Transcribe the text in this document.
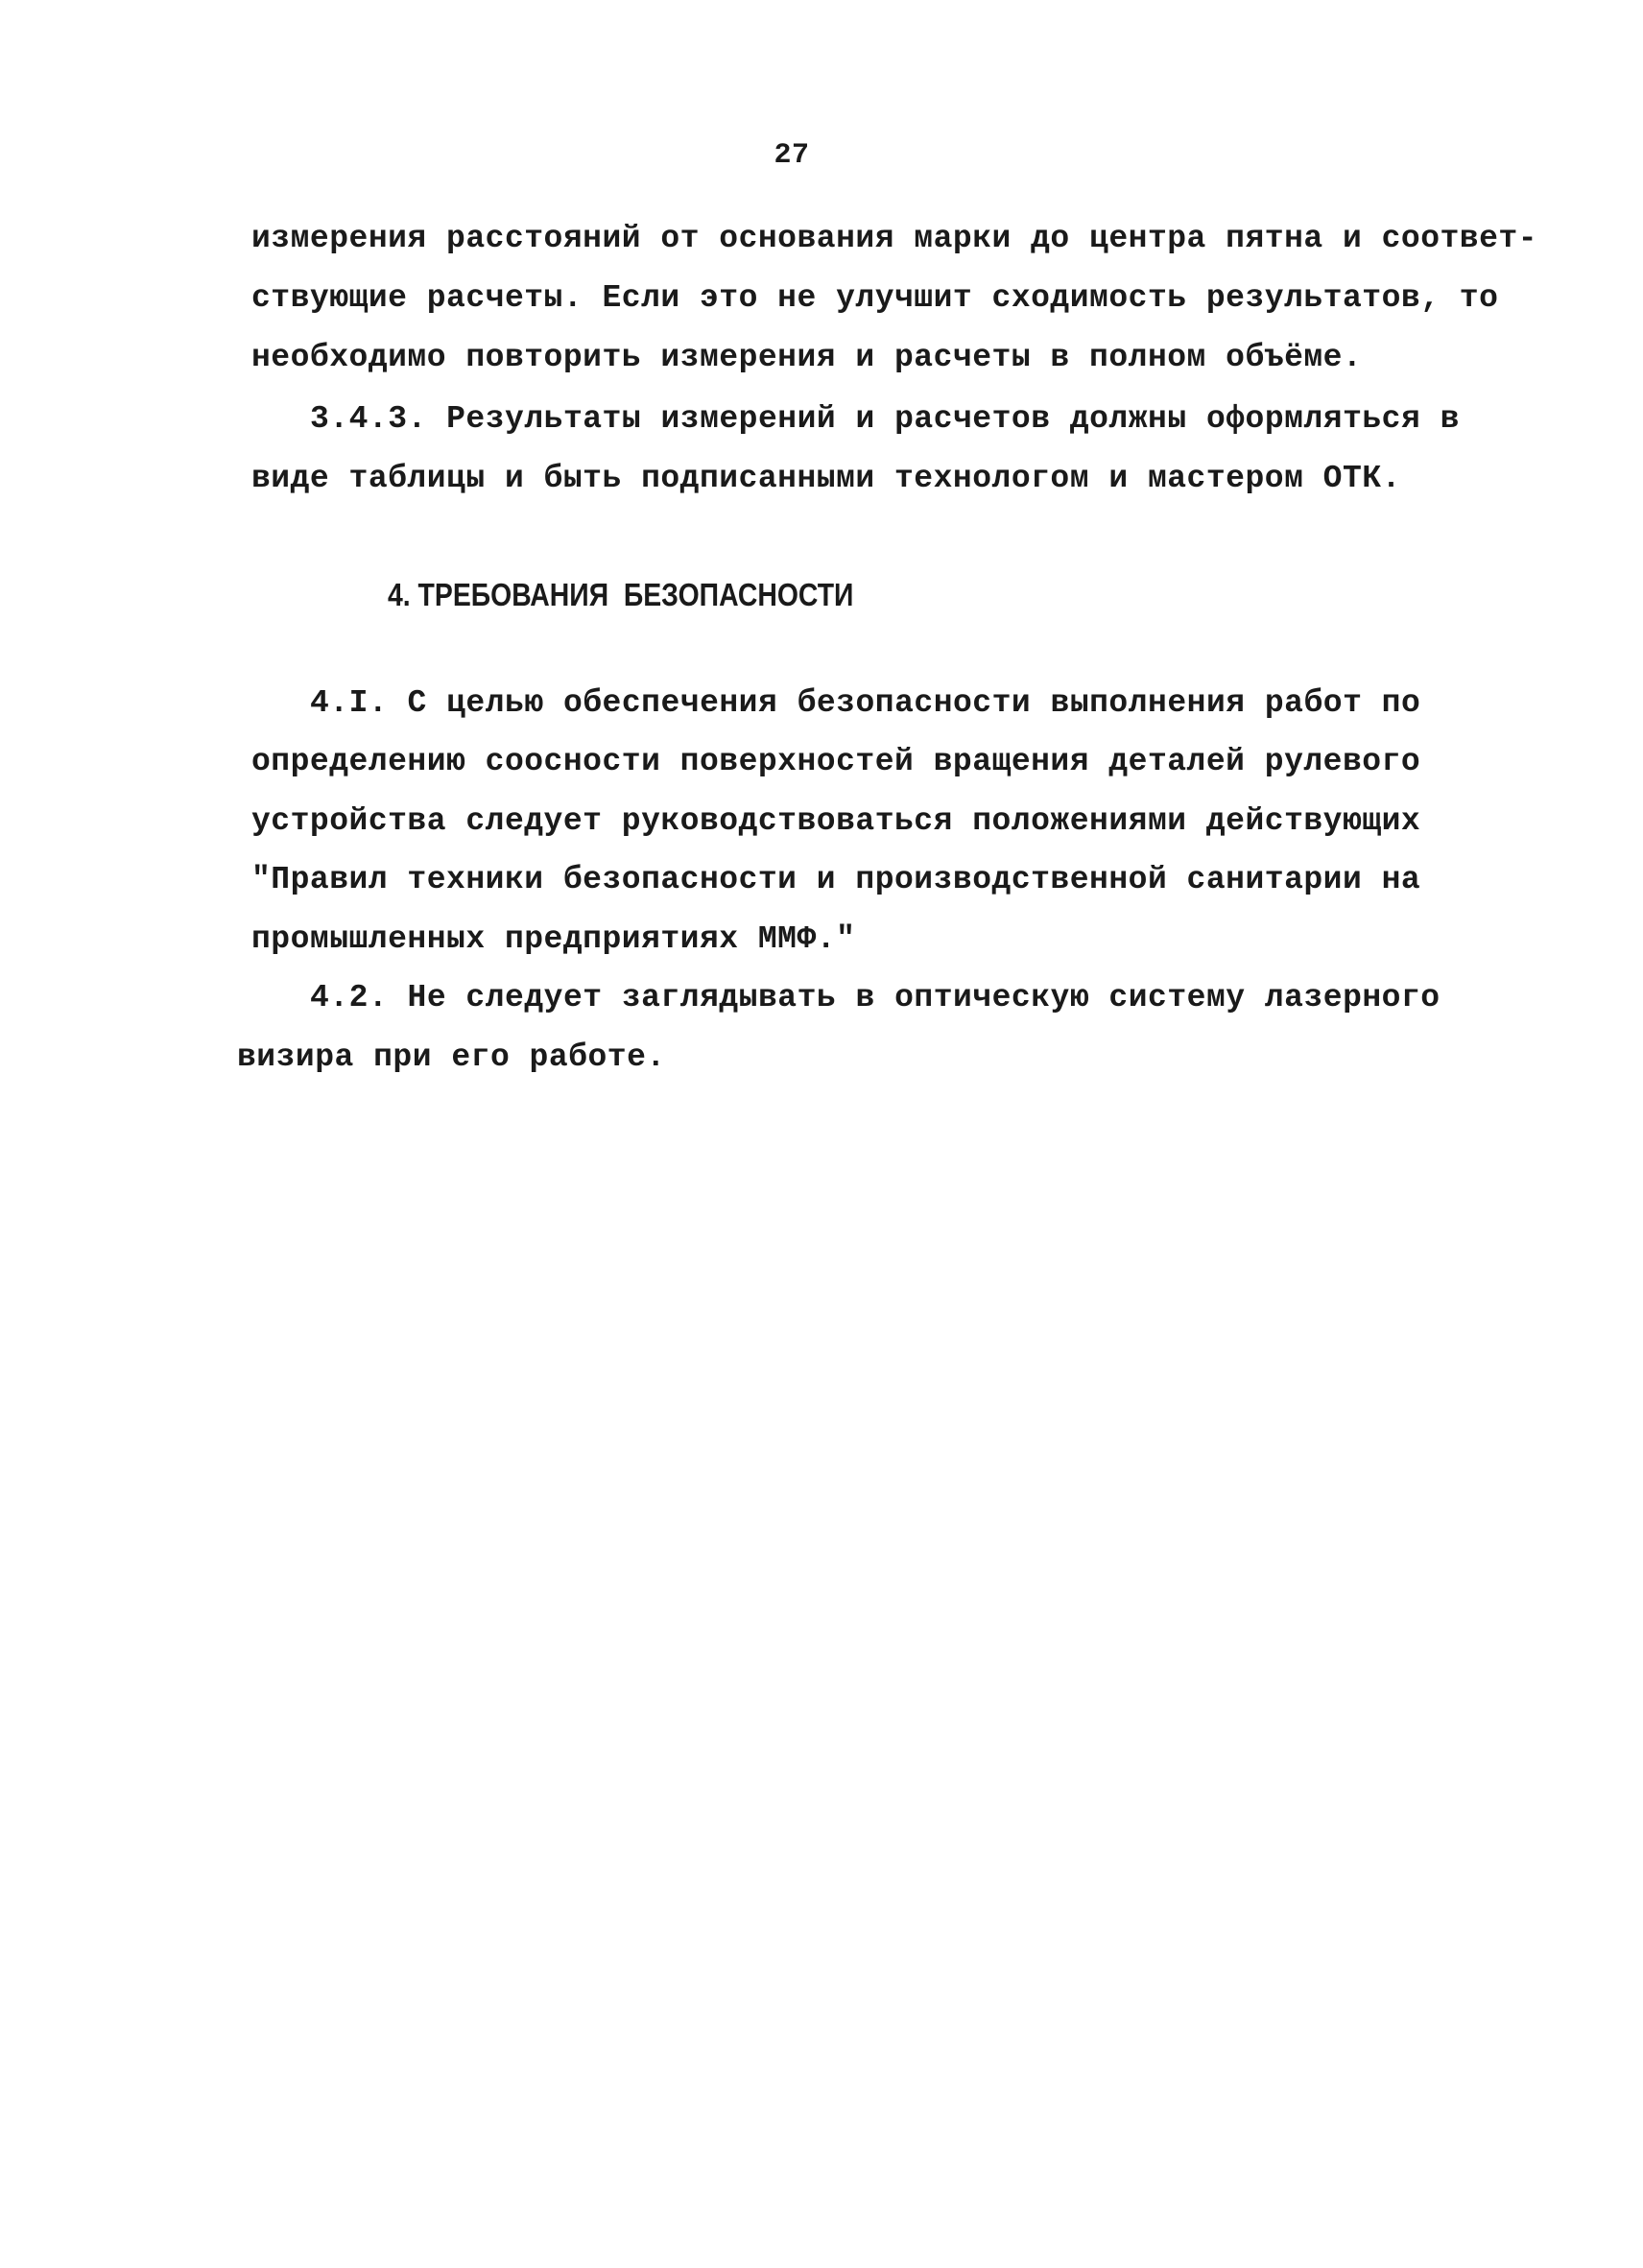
27
измерения расстояний от основания марки до центра пятна и соответ-
ствующие расчеты. Если это не улучшит сходимость результатов, то
необходимо повторить измерения и расчеты в полном объёме.
3.4.3. Результаты измерений и расчетов должны оформляться в
виде таблицы и быть подписанными технологом и мастером ОТК.
4. ТРЕБОВАНИЯ  БЕЗОПАСНОСТИ
4.I. С целью обеспечения безопасности выполнения работ по
определению соосности поверхностей вращения деталей рулевого
устройства следует руководствоваться положениями действующих
"Правил техники безопасности и производственной санитарии на
промышленных предприятиях ММФ."
4.2. Не следует заглядывать в оптическую систему лазерного
визира при его работе.
